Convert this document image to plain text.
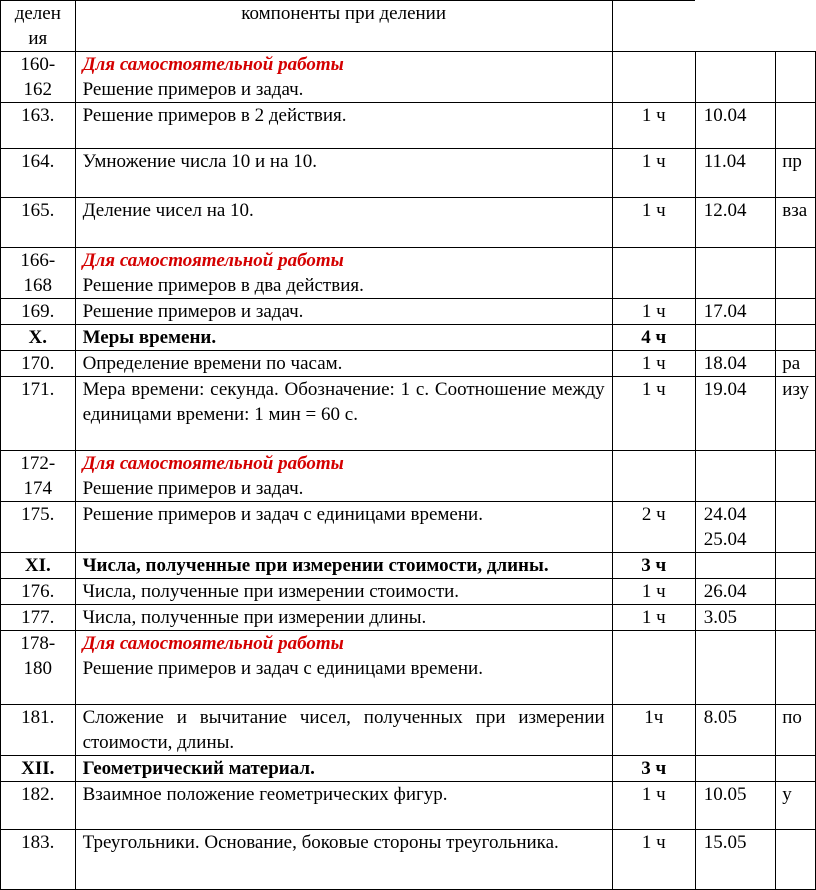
делен
ия	компоненты при делении			

160-
162	Для самостоятельной работы
Решение примеров и задач.			

163.	Решение примеров в 2 действия.	1 ч	10.04	
164.	Умножение числа 10 и на 10.	1 ч	11.04	пр
165.	Деление чисел на 10.	1 ч	12.04	вза

166-
168	Для самостоятельной работы
Решение примеров в два действия.			

169.	Решение примеров и задач.	1 ч	17.04	
X.	Меры времени.	4 ч		
170.	Определение времени по часам.	1 ч	18.04	ра
171.	Мера времени: секунда. Обозначение: 1 с. Соотношение между единицами времени: 1 мин = 60 с.	1 ч	19.04	изу

172-
174	Для самостоятельной работы
Решение примеров и задач.			

175.	Решение примеров и задач с единицами времени.	2 ч	24.04
25.04	

XI.	Числа, полученные при измерении стоимости, длины.	3 ч		
176.	Числа, полученные при измерении стоимости.	1 ч	26.04	
177.	Числа, полученные при измерении длины.	1 ч	3.05	

178-
180	Для самостоятельной работы
Решение примеров и задач с единицами времени.			

181.	Сложение и вычитание чисел, полученных при измерении стоимости, длины.	1ч	8.05	по
XII.	Геометрический материал.	3 ч		
182.	Взаимное положение геометрических фигур.	1 ч	10.05	у
183.	Треугольники. Основание, боковые стороны треугольника.	1 ч	15.05	
